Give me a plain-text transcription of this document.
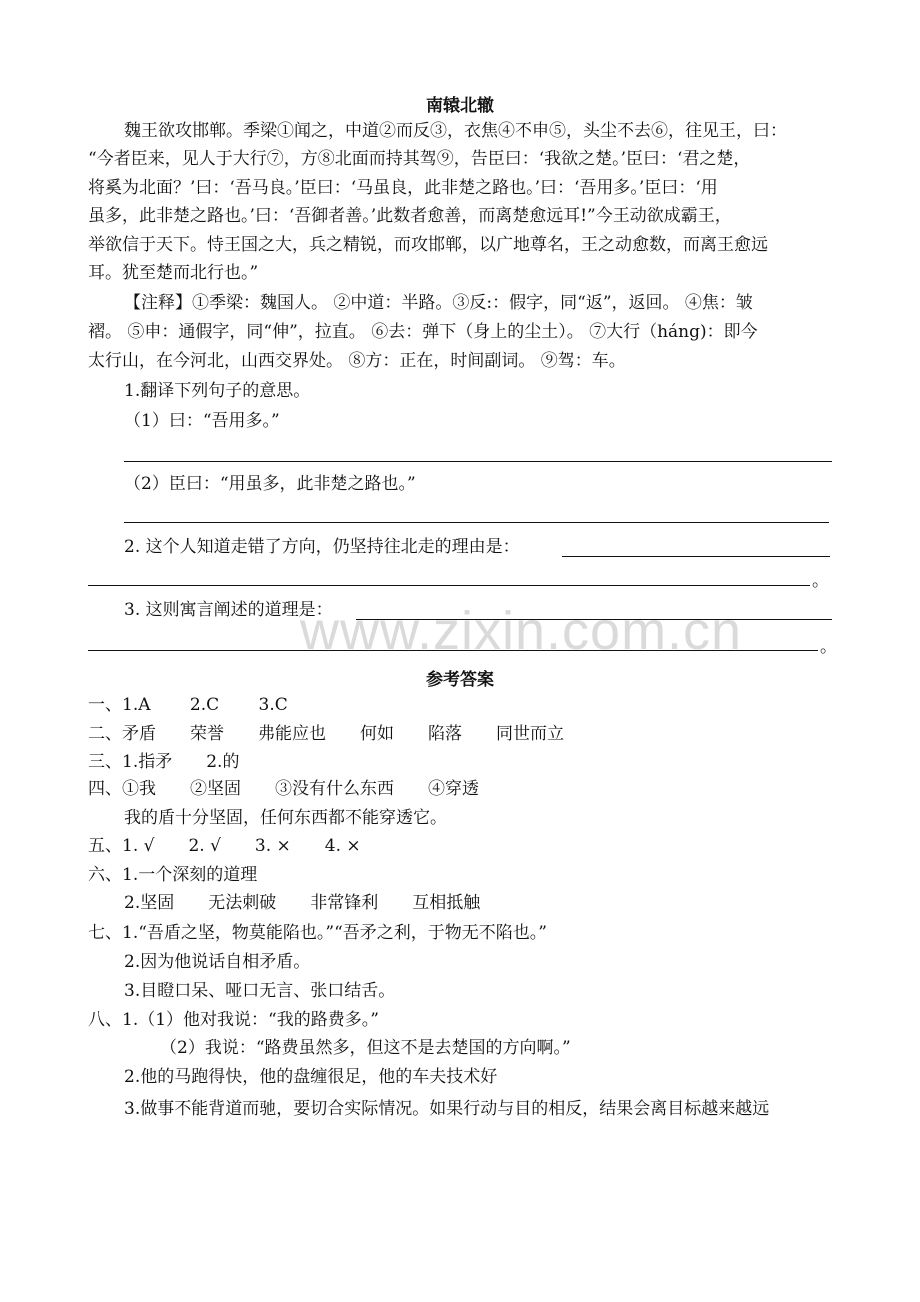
www.zixin.com.cn
南辕北辙
魏王欲攻邯郸。季梁①闻之，中道②而反③，衣焦④不申⑤，头尘不去⑥，往见王，曰：
“今者臣来，见人于大行⑦，方⑧北面而持其驾⑨，告臣曰：‘我欲之楚。’臣曰：‘君之楚，
将奚为北面？’曰：‘吾马良。’臣曰：‘马虽良，此非楚之路也。’曰：‘吾用多。’臣曰：‘用
虽多，此非楚之路也。’曰：‘吾御者善。’此数者愈善，而离楚愈远耳!”今王动欲成霸王，
举欲信于天下。恃王国之大，兵之精锐，而攻邯郸，以广地尊名，王之动愈数，而离王愈远
耳。犹至楚而北行也。”
【注释】①季梁：魏国人。 ②中道：半路。③反:：假字，同“返”，返回。 ④焦：皱
褶。 ⑤申：通假字，同“伸”，拉直。 ⑥去：弹下（身上的尘土）。 ⑦大行（háng)：即今
太行山，在今河北，山西交界处。 ⑧方：正在，时间副词。 ⑨驾：车。
1.翻译下列句子的意思。
（1）曰：“吾用多。”
（2）臣曰：“用虽多，此非楚之路也。”
2. 这个人知道走错了方向，仍坚持往北走的理由是：
。
3. 这则寓言阐述的道理是：
。
参考答案
一、1.A　　 2.C　　 3.C
二、矛盾　　荣誉　　弗能应也　　何如　　陷落　　同世而立
三、1.指矛　　2.的
四、①我　　②坚固　　③没有什么东西　　④穿透
我的盾十分坚固，任何东西都不能穿透它。
五、1. √　　2. √　　3. ×　　4. ×
六、1.一个深刻的道理
2.坚固　　无法刺破　　非常锋利　　互相抵触
七、1.“吾盾之坚，物莫能陷也。”“吾矛之利，于物无不陷也。”
2.因为他说话自相矛盾。
3.目瞪口呆、哑口无言、张口结舌。
八、1.（1）他对我说：“我的路费多。”
（2）我说：“路费虽然多，但这不是去楚国的方向啊。”
2.他的马跑得快，他的盘缠很足，他的车夫技术好
3.做事不能背道而驰，要切合实际情况。如果行动与目的相反，结果会离目标越来越远
